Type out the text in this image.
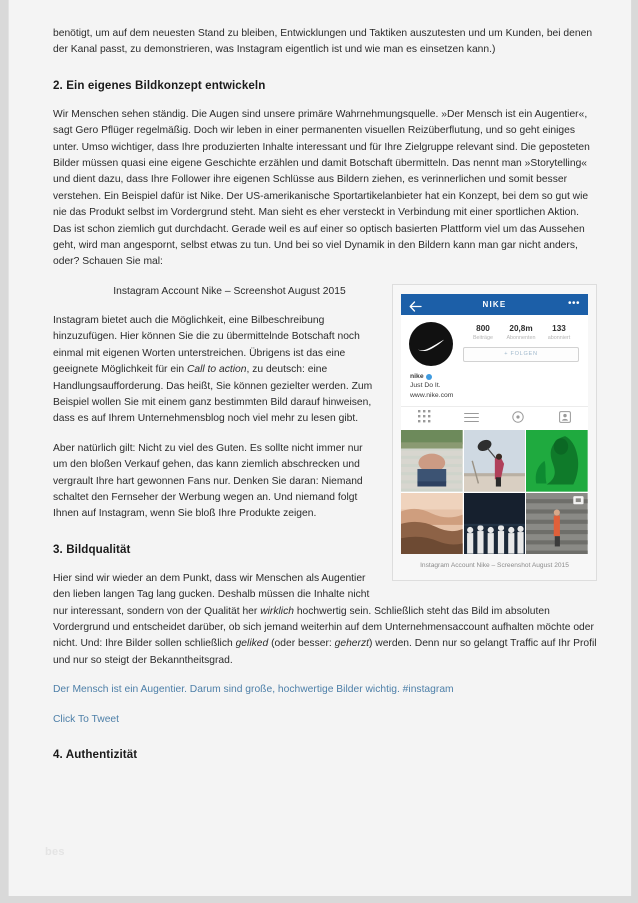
benötigt, um auf dem neuesten Stand zu bleiben, Entwicklungen und Taktiken auszutesten und um Kunden, bei denen der Kanal passt, zu demonstrieren, was Instagram eigentlich ist und wie man es einsetzen kann.)

2. Ein eigenes Bildkonzept entwickeln

Wir Menschen sehen ständig. Die Augen sind unsere primäre Wahrnehmungsquelle. »Der Mensch ist ein Augentier«, sagt Gero Pflüger regelmäßig. Doch wir leben in einer permanenten visuellen Reizüberflutung, und so geht einiges unter. Umso wichtiger, dass Ihre produzierten Inhalte interessant und für Ihre Zielgruppe relevant sind. Die geposteten Bilder müssen quasi eine eigene Geschichte erzählen und damit Botschaft übermitteln. Das nennt man »Storytelling« und dient dazu, dass Ihre Follower ihre eigenen Schlüsse aus Bildern ziehen, es verinnerlichen und somit besser verstehen. Ein Beispiel dafür ist Nike. Der US-amerikanische Sportartikelanbieter hat ein Konzept, bei dem so gut wie nie das Produkt selbst im Vordergrund steht. Man sieht es eher versteckt in Verbindung mit einer sportlichen Aktion. Das ist schon ziemlich gut durchdacht. Gerade weil es auf einer so optisch basierten Plattform viel um das Aussehen geht, wird man angespornt, selbst etwas zu tun. Und bei so viel Dynamik in den Bildern kann man gar nicht anders, oder? Schauen Sie mal:

NIKE	•••
800
Beiträge
20,8m
Abonnenten
133
abonniert
+ FOLGEN
nike
Just Do It.
www.nike.com
Instagram Account Nike – Screenshot August 2015

Instagram Account Nike – Screenshot August 2015

Instagram bietet auch die Möglichkeit, eine Bilbeschreibung hinzuzufügen. Hier können Sie die zu übermittelnde Botschaft noch einmal mit eigenen Worten unterstreichen. Übrigens ist das eine geeignete Möglichkeit für ein Call to action, zu deutsch: eine Handlungsaufforderung. Das heißt, Sie können gezielter werden. Zum Beispiel wollen Sie mit einem ganz bestimmten Bild darauf hinweisen, dass es auf Ihrem Unternehmensblog noch viel mehr zu lesen gibt.

Aber natürlich gilt: Nicht zu viel des Guten. Es sollte nicht immer nur um den bloßen Verkauf gehen, das kann ziemlich abschrecken und vergrault Ihre hart gewonnen Fans nur. Denken Sie daran: Niemand schaltet den Fernseher der Werbung wegen an. Und niemand folgt Ihnen auf Instagram, wenn Sie bloß Ihre Produkte zeigen.

3. Bildqualität

Hier sind wir wieder an dem Punkt, dass wir Menschen als Augentier den lieben langen Tag lang gucken. Deshalb müssen die Inhalte nicht nur interessant, sondern von der Qualität her wirklich hochwertig sein. Schließlich steht das Bild im absoluten Vordergrund und entscheidet darüber, ob sich jemand weiterhin auf dem Unternehmensaccount aufhalten möchte oder nicht. Und: Ihre Bilder sollen schließlich geliked (oder besser: geherzt) werden. Denn nur so gelangt Traffic auf Ihr Profil und nur so steigt der Bekanntheitsgrad.

Der Mensch ist ein Augentier. Darum sind große, hochwertige Bilder wichtig. #instagram

Click To Tweet

4. Authentizität
bes
